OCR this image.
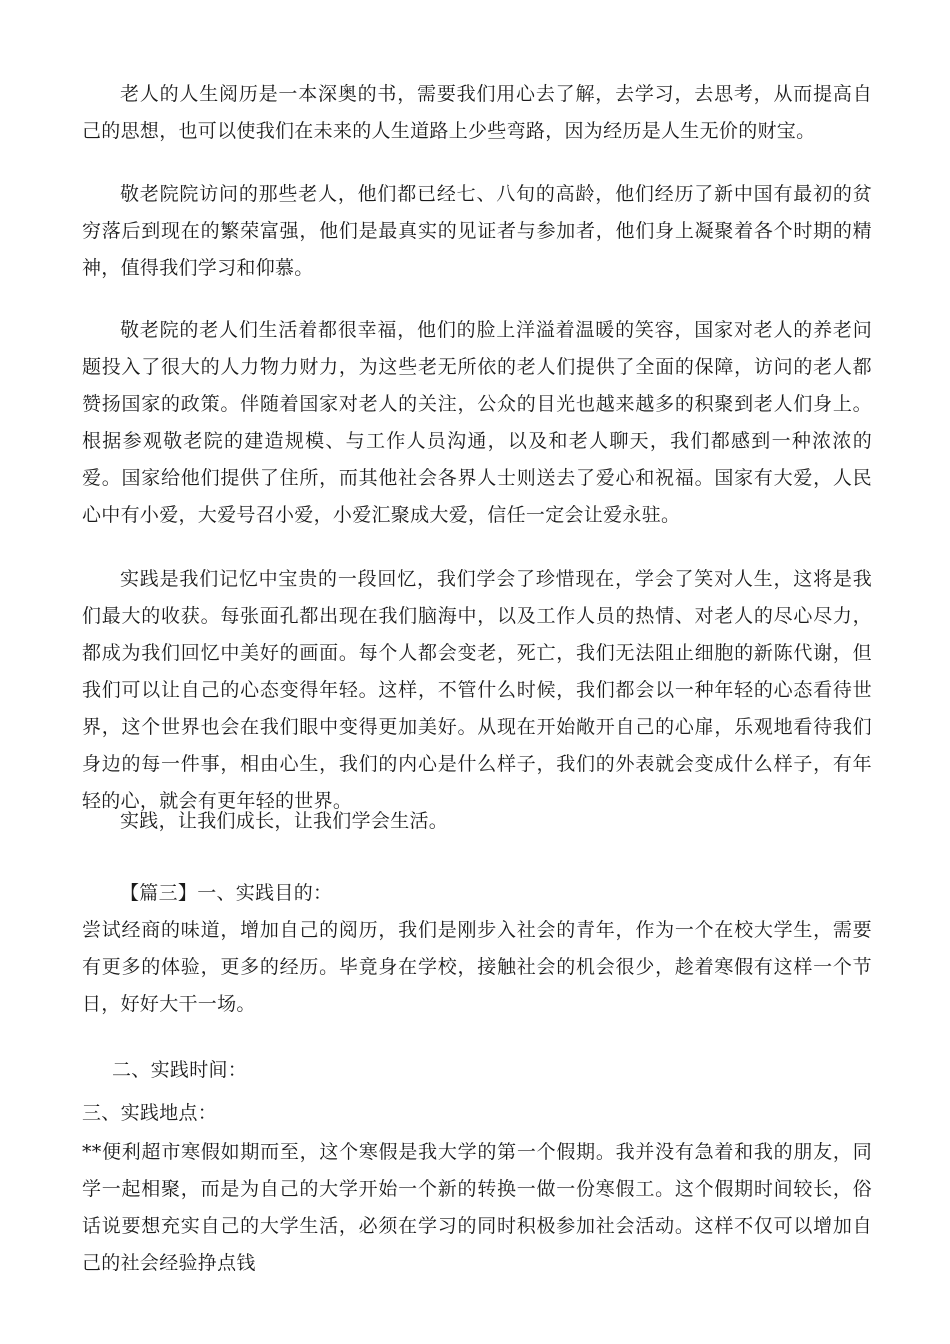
老人的人生阅历是一本深奥的书，需要我们用心去了解，去学习，去思考，从而提高自己的思想，也可以使我们在未来的人生道路上少些弯路，因为经历是人生无价的财宝。

敬老院院访问的那些老人，他们都已经七、八旬的高龄，他们经历了新中国有最初的贫穷落后到现在的繁荣富强，他们是最真实的见证者与参加者，他们身上凝聚着各个时期的精神，值得我们学习和仰慕。

敬老院的老人们生活着都很幸福，他们的脸上洋溢着温暖的笑容，国家对老人的养老问题投入了很大的人力物力财力，为这些老无所依的老人们提供了全面的保障，访问的老人都赞扬国家的政策。伴随着国家对老人的关注，公众的目光也越来越多的积聚到老人们身上。根据参观敬老院的建造规模、与工作人员沟通，以及和老人聊天，我们都感到一种浓浓的爱。国家给他们提供了住所，而其他社会各界人士则送去了爱心和祝福。国家有大爱，人民心中有小爱，大爱号召小爱，小爱汇聚成大爱，信任一定会让爱永驻。

实践是我们记忆中宝贵的一段回忆，我们学会了珍惜现在，学会了笑对人生，这将是我们最大的收获。每张面孔都出现在我们脑海中，以及工作人员的热情、对老人的尽心尽力，都成为我们回忆中美好的画面。每个人都会变老，死亡，我们无法阻止细胞的新陈代谢，但我们可以让自己的心态变得年轻。这样，不管什么时候，我们都会以一种年轻的心态看待世界，这个世界也会在我们眼中变得更加美好。从现在开始敞开自己的心扉，乐观地看待我们身边的每一件事，相由心生，我们的内心是什么样子，我们的外表就会变成什么样子，有年轻的心，就会有更年轻的世界。

实践，让我们成长，让我们学会生活。

【篇三】一、实践目的：

尝试经商的味道，增加自己的阅历，我们是刚步入社会的青年，作为一个在校大学生，需要有更多的体验，更多的经历。毕竟身在学校，接触社会的机会很少，趁着寒假有这样一个节日，好好大干一场。

二、实践时间：

三、实践地点：

**便利超市寒假如期而至，这个寒假是我大学的第一个假期。我并没有急着和我的朋友，同学一起相聚，而是为自己的大学开始一个新的转换一做一份寒假工。这个假期时间较长，俗话说要想充实自己的大学生活，必须在学习的同时积极参加社会活动。这样不仅可以增加自己的社会经验挣点钱
